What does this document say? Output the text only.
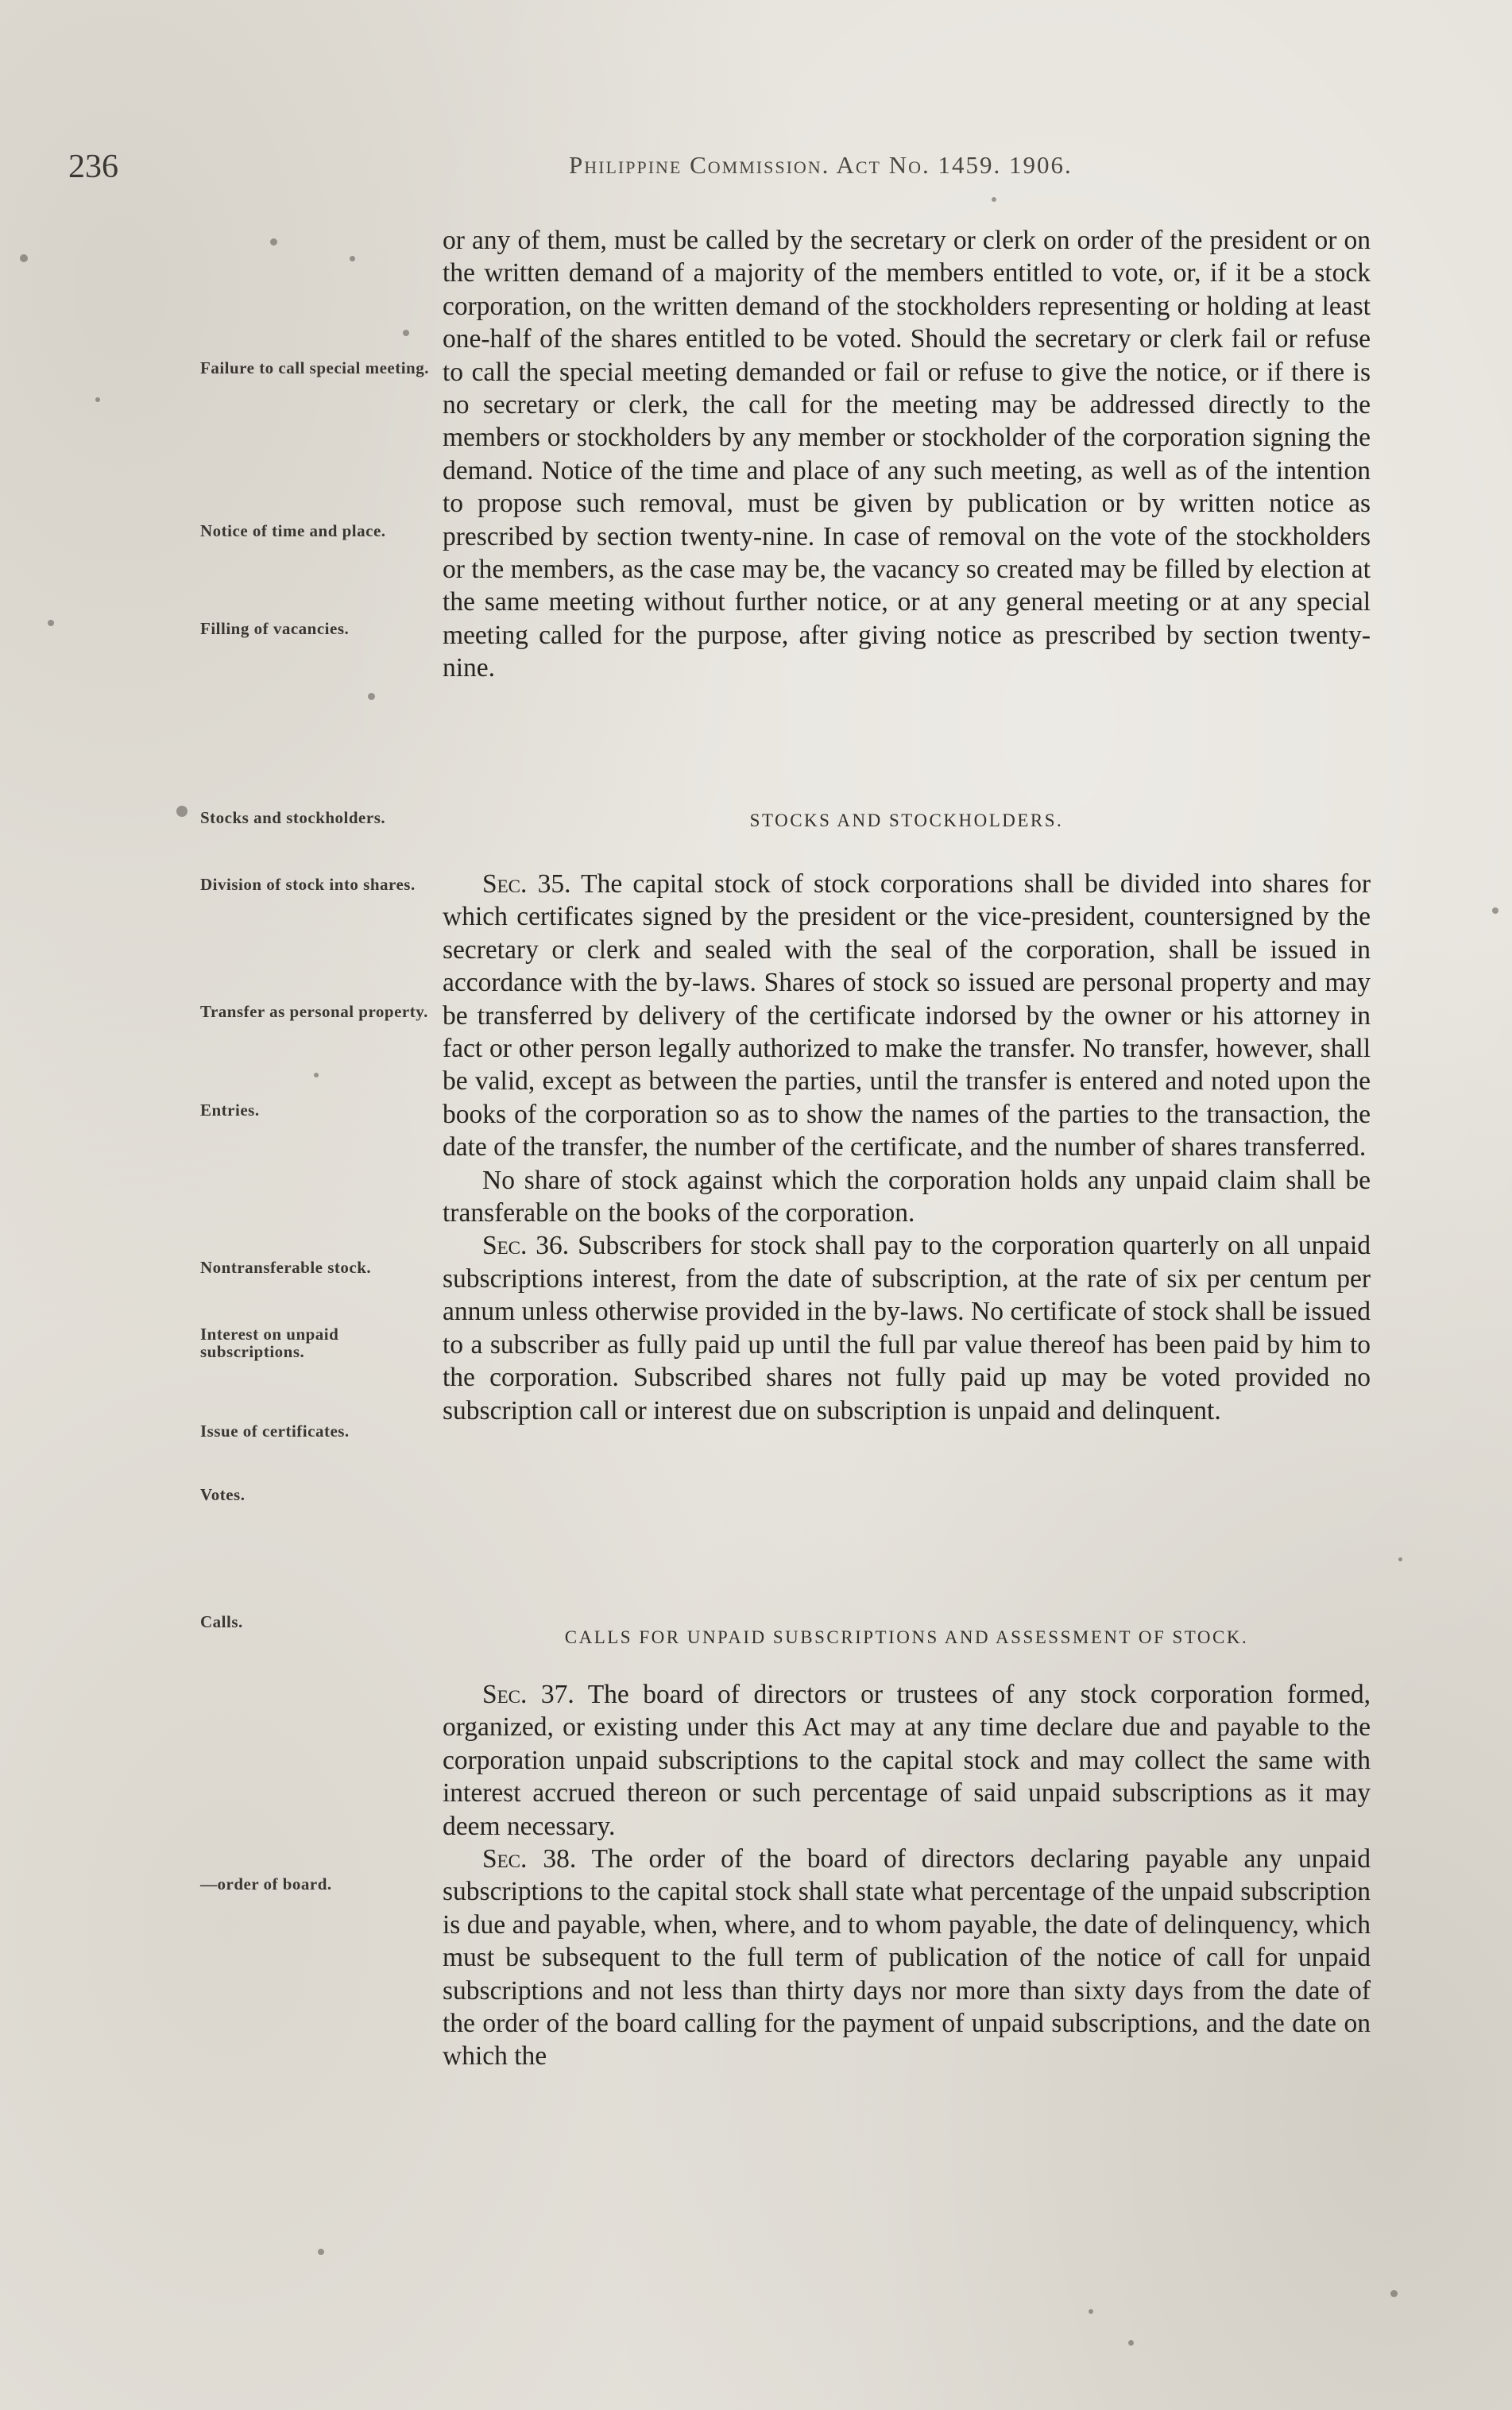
236	Philippine Commission. Act No. 1459. 1906.
Failure to call special meeting.
Notice of time and place.
Filling of vacancies.
Stocks and stockholders.
Division of stock into shares.
Transfer as personal property.
Entries.
Nontransferable stock.
Interest on unpaid subscriptions.
Issue of certificates.
Votes.
Calls.
—order of board.

or any of them, must be called by the secretary or clerk on order of the president or on the written demand of a majority of the members entitled to vote, or, if it be a stock corporation, on the written demand of the stockholders representing or holding at least one-half of the shares entitled to be voted. Should the secretary or clerk fail or refuse to call the special meeting demanded or fail or refuse to give the notice, or if there is no secretary or clerk, the call for the meeting may be addressed directly to the members or stockholders by any member or stockholder of the corporation signing the demand. Notice of the time and place of any such meeting, as well as of the intention to propose such removal, must be given by publication or by written notice as prescribed by section twenty-nine. In case of removal on the vote of the stockholders or the members, as the case may be, the vacancy so created may be filled by election at the same meeting without further notice, or at any general meeting or at any special meeting called for the purpose, after giving notice as prescribed by section twenty-nine.

STOCKS AND STOCKHOLDERS.

Sec. 35. The capital stock of stock corporations shall be divided into shares for which certificates signed by the president or the vice-president, countersigned by the secretary or clerk and sealed with the seal of the corporation, shall be issued in accordance with the by-laws. Shares of stock so issued are personal property and may be transferred by delivery of the certificate indorsed by the owner or his attorney in fact or other person legally authorized to make the transfer. No transfer, however, shall be valid, except as between the parties, until the transfer is entered and noted upon the books of the corporation so as to show the names of the parties to the transaction, the date of the transfer, the number of the certificate, and the number of shares transferred.

No share of stock against which the corporation holds any unpaid claim shall be transferable on the books of the corporation.

Sec. 36. Subscribers for stock shall pay to the corporation quarterly on all unpaid subscriptions interest, from the date of subscription, at the rate of six per centum per annum unless otherwise provided in the by-laws. No certificate of stock shall be issued to a subscriber as fully paid up until the full par value thereof has been paid by him to the corporation. Subscribed shares not fully paid up may be voted provided no subscription call or interest due on subscription is unpaid and delinquent.

CALLS FOR UNPAID SUBSCRIPTIONS AND ASSESSMENT OF STOCK.

Sec. 37. The board of directors or trustees of any stock corporation formed, organized, or existing under this Act may at any time declare due and payable to the corporation unpaid subscriptions to the capital stock and may collect the same with interest accrued thereon or such percentage of said unpaid subscriptions as it may deem necessary.

Sec. 38. The order of the board of directors declaring payable any unpaid subscriptions to the capital stock shall state what percentage of the unpaid subscription is due and payable, when, where, and to whom payable, the date of delinquency, which must be subsequent to the full term of publication of the notice of call for unpaid subscriptions and not less than thirty days nor more than sixty days from the date of the order of the board calling for the payment of unpaid subscriptions, and the date on which the
